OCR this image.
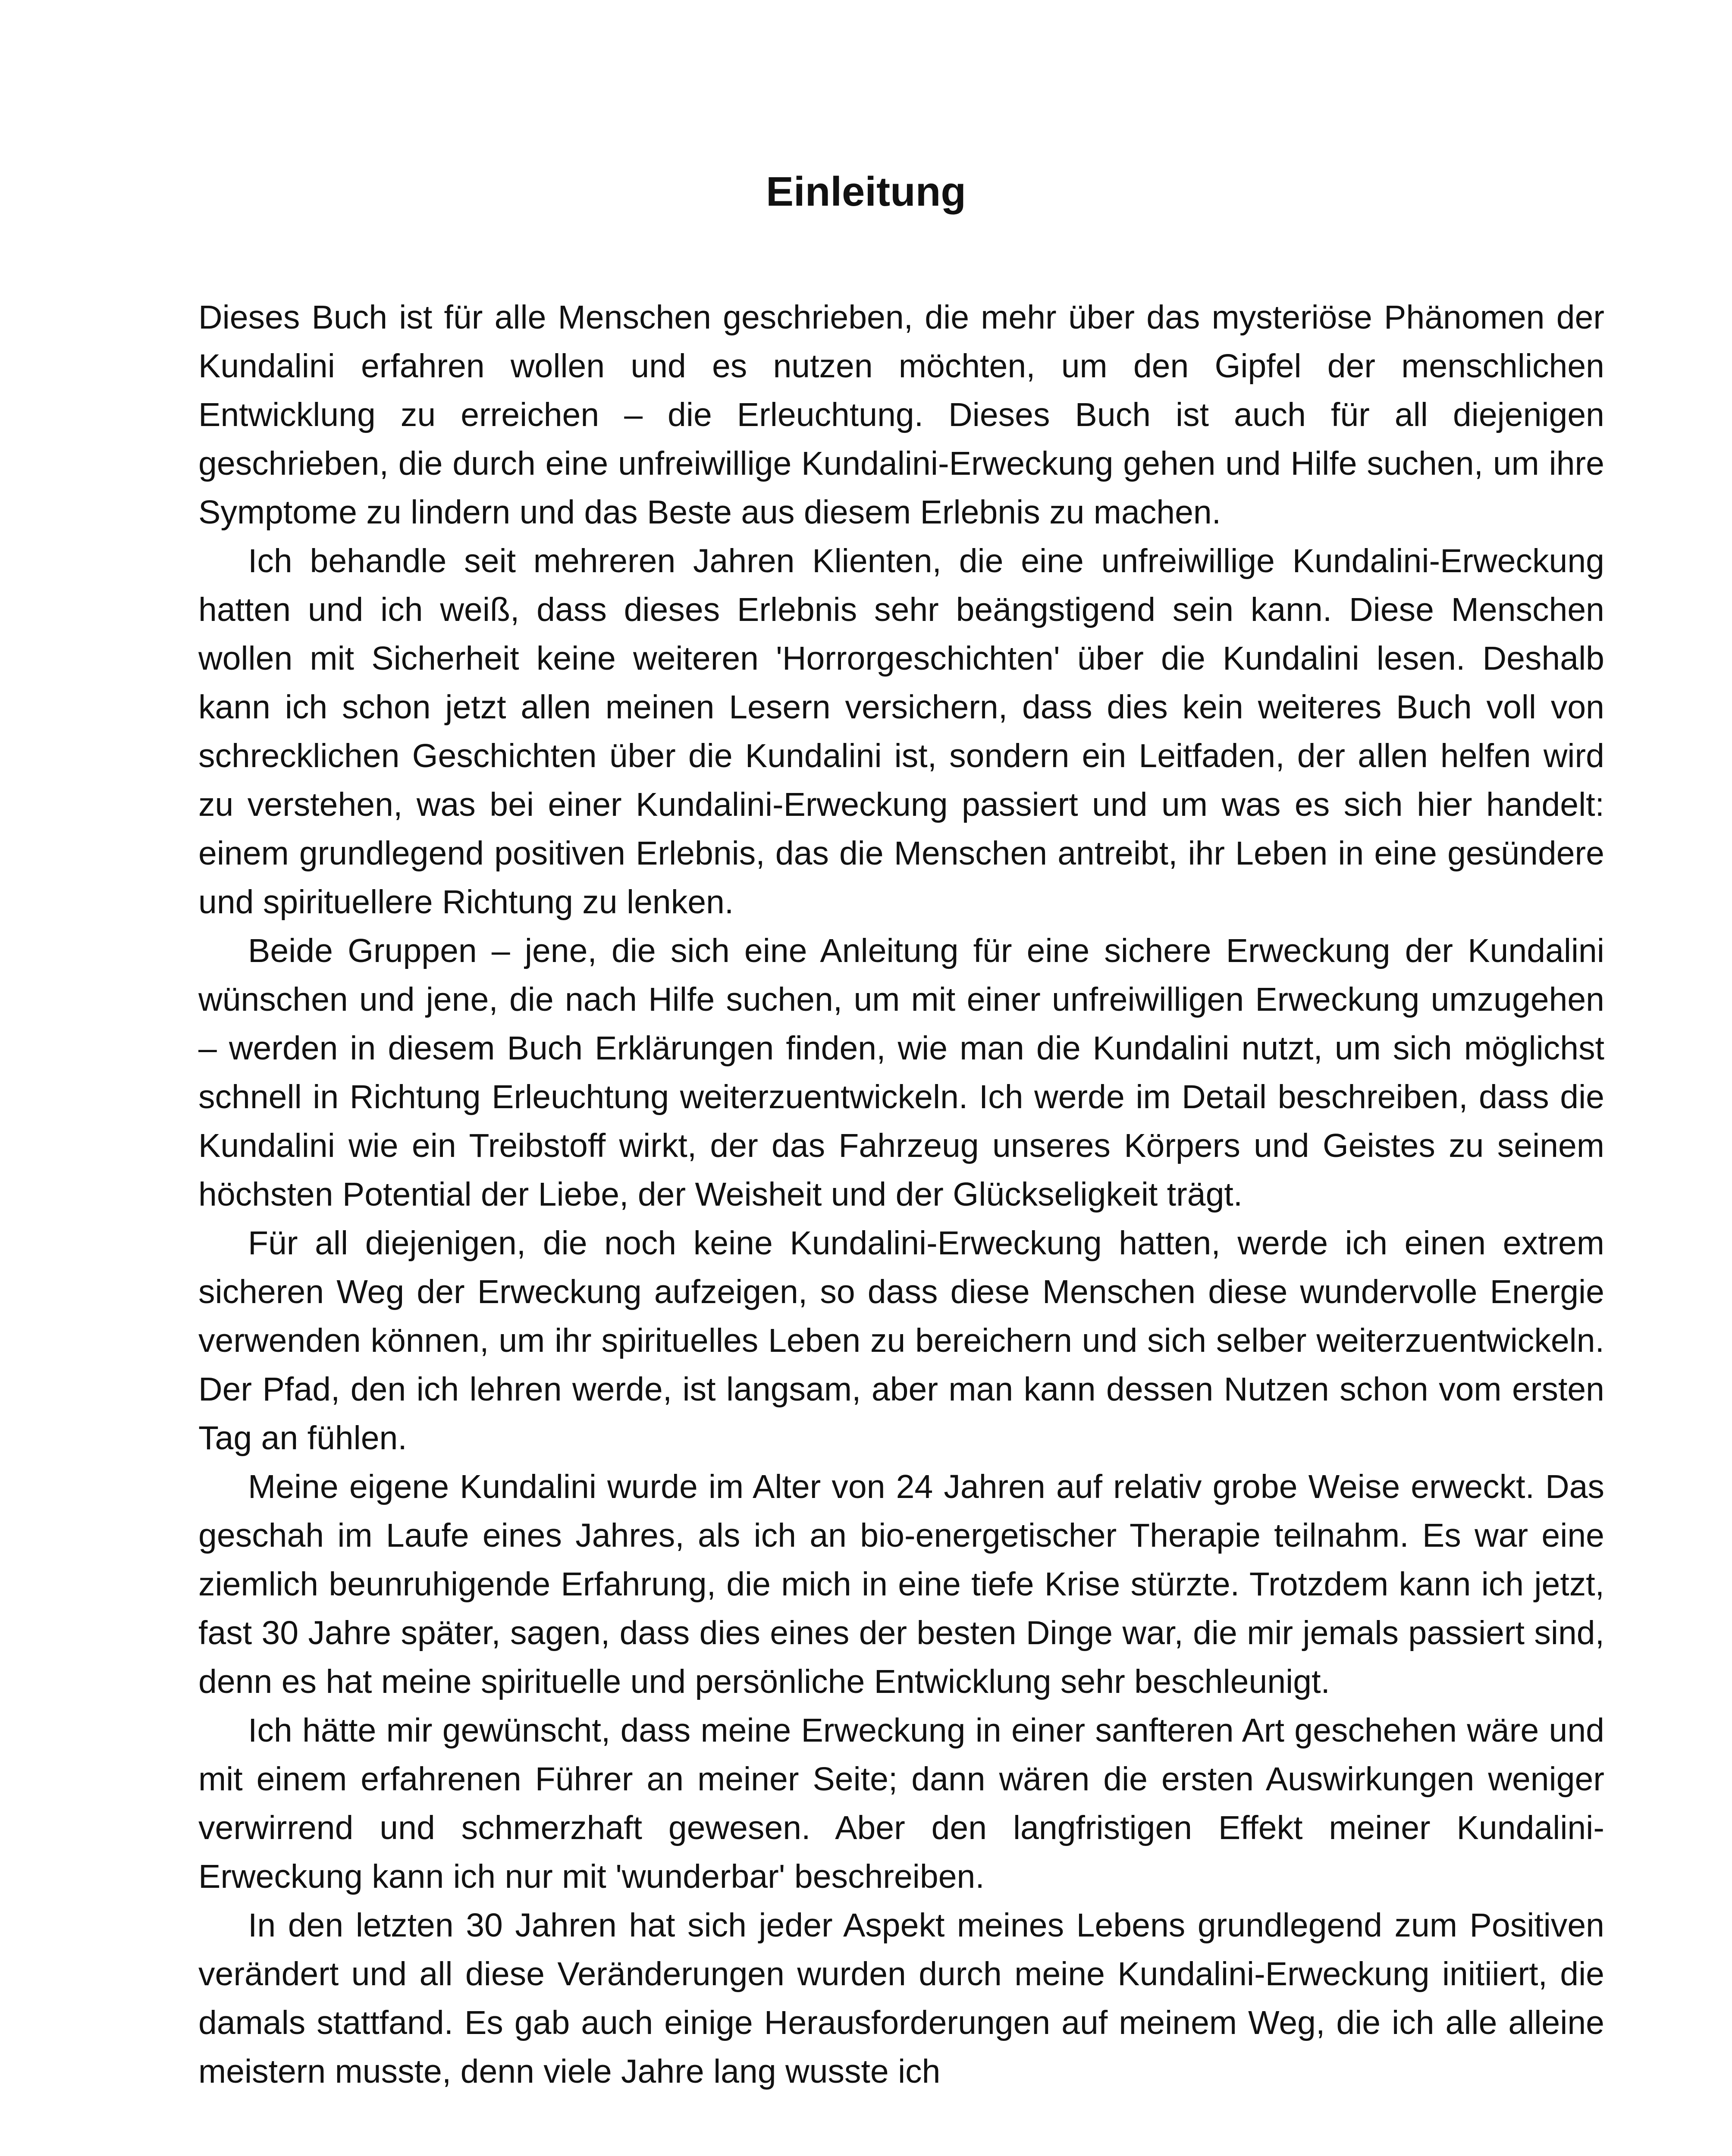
Einleitung

Dieses Buch ist für alle Menschen geschrieben, die mehr über das mysteriöse Phänomen der Kundalini erfahren wollen und es nutzen möchten, um den Gipfel der menschlichen Entwicklung zu erreichen – die Erleuchtung. Dieses Buch ist auch für all diejenigen geschrieben, die durch eine unfreiwillige Kundalini-Erweckung gehen und Hilfe suchen, um ihre Symptome zu lindern und das Beste aus diesem Erlebnis zu machen.

Ich behandle seit mehreren Jahren Klienten, die eine unfreiwillige Kundalini-Erweckung hatten und ich weiß, dass dieses Erlebnis sehr beängstigend sein kann. Diese Menschen wollen mit Sicherheit keine weiteren 'Horrorgeschichten' über die Kundalini lesen. Deshalb kann ich schon jetzt allen meinen Lesern versichern, dass dies kein weiteres Buch voll von schrecklichen Geschichten über die Kundalini ist, sondern ein Leitfaden, der allen helfen wird zu verstehen, was bei einer Kundalini-Erweckung passiert und um was es sich hier handelt: einem grundlegend positiven Erlebnis, das die Menschen antreibt, ihr Leben in eine gesündere und spirituellere Richtung zu lenken.

Beide Gruppen – jene, die sich eine Anleitung für eine sichere Erweckung der Kundalini wünschen und jene, die nach Hilfe suchen, um mit einer unfreiwilligen Erweckung umzugehen – werden in diesem Buch Erklärungen finden, wie man die Kundalini nutzt, um sich möglichst schnell in Richtung Erleuchtung weiterzuentwickeln. Ich werde im Detail beschreiben, dass die Kundalini wie ein Treibstoff wirkt, der das Fahrzeug unseres Körpers und Geistes zu seinem höchsten Potential der Liebe, der Weisheit und der Glückseligkeit trägt.

Für all diejenigen, die noch keine Kundalini-Erweckung hatten, werde ich einen extrem sicheren Weg der Erweckung aufzeigen, so dass diese Menschen diese wundervolle Energie verwenden können, um ihr spirituelles Leben zu bereichern und sich selber weiterzuentwickeln. Der Pfad, den ich lehren werde, ist langsam, aber man kann dessen Nutzen schon vom ersten Tag an fühlen.

Meine eigene Kundalini wurde im Alter von 24 Jahren auf relativ grobe Weise erweckt. Das geschah im Laufe eines Jahres, als ich an bio-energetischer Therapie teilnahm. Es war eine ziemlich beunruhigende Erfahrung, die mich in eine tiefe Krise stürzte. Trotzdem kann ich jetzt, fast 30 Jahre später, sagen, dass dies eines der besten Dinge war, die mir jemals passiert sind, denn es hat meine spirituelle und persönliche Entwicklung sehr beschleunigt.

Ich hätte mir gewünscht, dass meine Erweckung in einer sanfteren Art geschehen wäre und mit einem erfahrenen Führer an meiner Seite; dann wären die ersten Auswirkungen weniger verwirrend und schmerzhaft gewesen. Aber den langfristigen Effekt meiner Kundalini-Erweckung kann ich nur mit 'wunderbar' beschreiben.

In den letzten 30 Jahren hat sich jeder Aspekt meines Lebens grundlegend zum Positiven verändert und all diese Veränderungen wurden durch meine Kundalini-Erweckung initiiert, die damals stattfand. Es gab auch einige Herausforderungen auf meinem Weg, die ich alle alleine meistern musste, denn viele Jahre lang wusste ich
